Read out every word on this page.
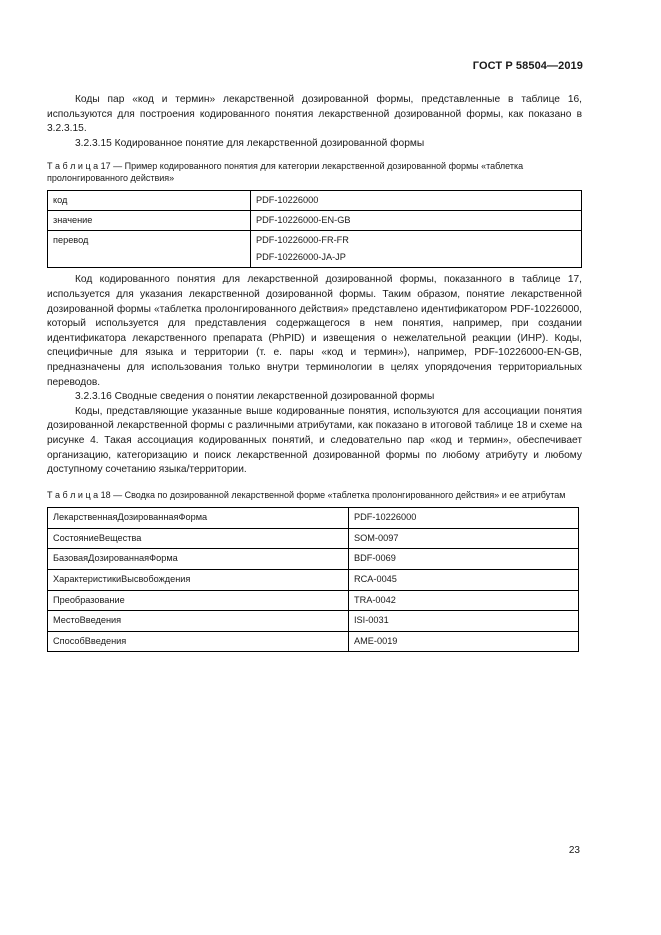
ГОСТ Р 58504—2019

Коды пар «код и термин» лекарственной дозированной формы, представленные в таблице 16, используются для построения кодированного понятия лекарственной дозированной формы, как показано в 3.2.3.15.

3.2.3.15 Кодированное понятие для лекарственной дозированной формы

Т а б л и ц а 17 — Пример кодированного понятия для категории лекарственной дозированной формы «таблетка пролонгированного действия»
код	PDF-10226000
значение	PDF-10226000-EN-GB
перевод	PDF-10226000-FR-FR
PDF-10226000-JA-JP

Код кодированного понятия для лекарственной дозированной формы, показанного в таблице 17, используется для указания лекарственной дозированной формы. Таким образом, понятие лекарственной дозированной формы «таблетка пролонгированного действия» представлено идентификатором PDF-10226000, который используется для представления содержащегося в нем понятия, например, при создании идентификатора лекарственного препарата (PhPID) и извещения о нежелательной реакции (ИНР). Коды, специфичные для языка и территории (т. е. пары «код и термин»), например, PDF-10226000-EN-GB, предназначены для использования только внутри терминологии в целях упорядочения территориальных переводов.

3.2.3.16 Сводные сведения о понятии лекарственной дозированной формы

Коды, представляющие указанные выше кодированные понятия, используются для ассоциации понятия дозированной лекарственной формы с различными атрибутами, как показано в итоговой таблице 18 и схеме на рисунке 4. Такая ассоциация кодированных понятий, и следовательно пар «код и термин», обеспечивает организацию, категоризацию и поиск лекарственной дозированной формы по любому атрибуту и любому доступному сочетанию языка/территории.

Т а б л и ц а 18 — Сводка по дозированной лекарственной форме «таблетка пролонгированного действия» и ее атрибутам
ЛекарственнаяДозированнаяФорма	PDF-10226000
СостояниеВещества	SOM-0097
БазоваяДозированнаяФорма	BDF-0069
ХарактеристикиВысвобождения	RCA-0045
Преобразование	TRA-0042
МестоВведения	ISI-0031
СпособВведения	AME-0019
23
